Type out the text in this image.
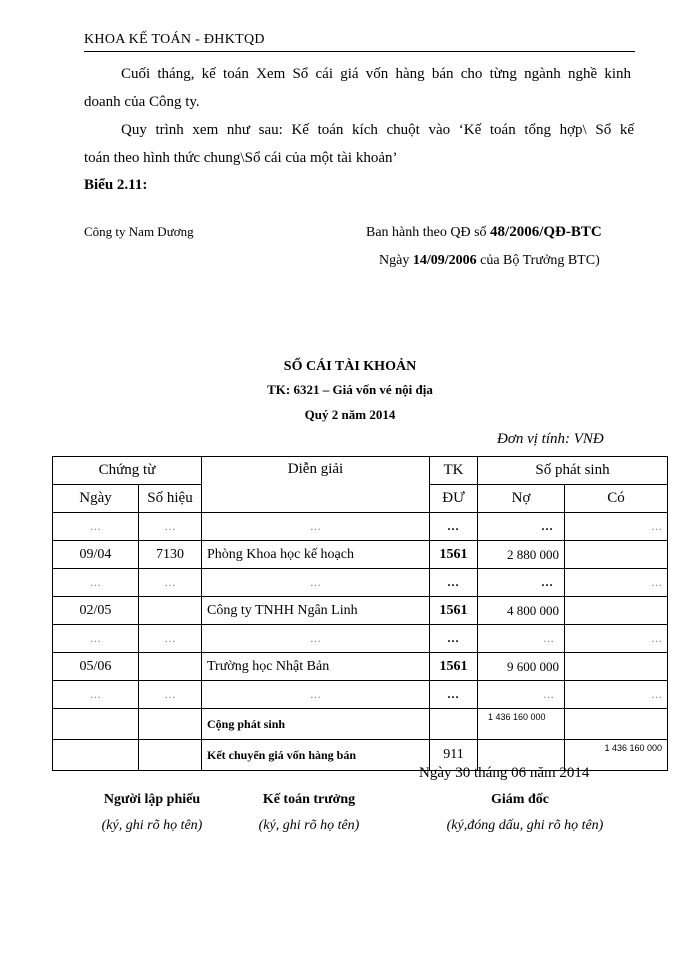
KHOA KẾ TOÁN - ĐHKTQD
Cuối tháng, kế toán Xem Sổ cái giá vốn hàng bán cho từng ngành nghề kinh
doanh của Công ty.
Quy trình xem như sau: Kế toán kích chuột vào ‘Kế toán tổng hợp\ Sổ kế
toán theo hình thức chung\Sổ cái của một tài khoản’
Biểu 2.11:
Công ty Nam Dương	Ban hành theo QĐ số 48/2006/QĐ-BTC
Ngày 14/09/2006 của Bộ Trưởng BTC)
SỔ CÁI TÀI KHOẢN
TK: 6321 – Giá vốn vé nội địa
Quý 2 năm 2014
Đơn vị tính: VNĐ
Chứng từ		Diễn giải	TK	Số phát sinh	
Ngày	Số hiệu		ĐƯ	Nợ	Có
…	…	…	…	…	…
09/04	7130	Phòng Khoa học kế hoạch	1561	2 880 000	
…	…	…	…	…	…
02/05		Công ty TNHH Ngân Linh	1561	4 800 000	
…	…	…	…	…	…
05/06		Trường học Nhật Bản	1561	9 600 000	
…	…	…	…	…	…
		Cộng phát sinh		1 436 160 000	
		Kết chuyển giá vốn hàng bán	911		1 436 160 000
Ngày 30 tháng 06 năm 2014
Người lập phiếu
(ký, ghi rõ họ tên)
Kế toán trưởng
(ký, ghi rõ họ tên)
Giám đốc
(ký,đóng dấu, ghi rõ họ tên)
